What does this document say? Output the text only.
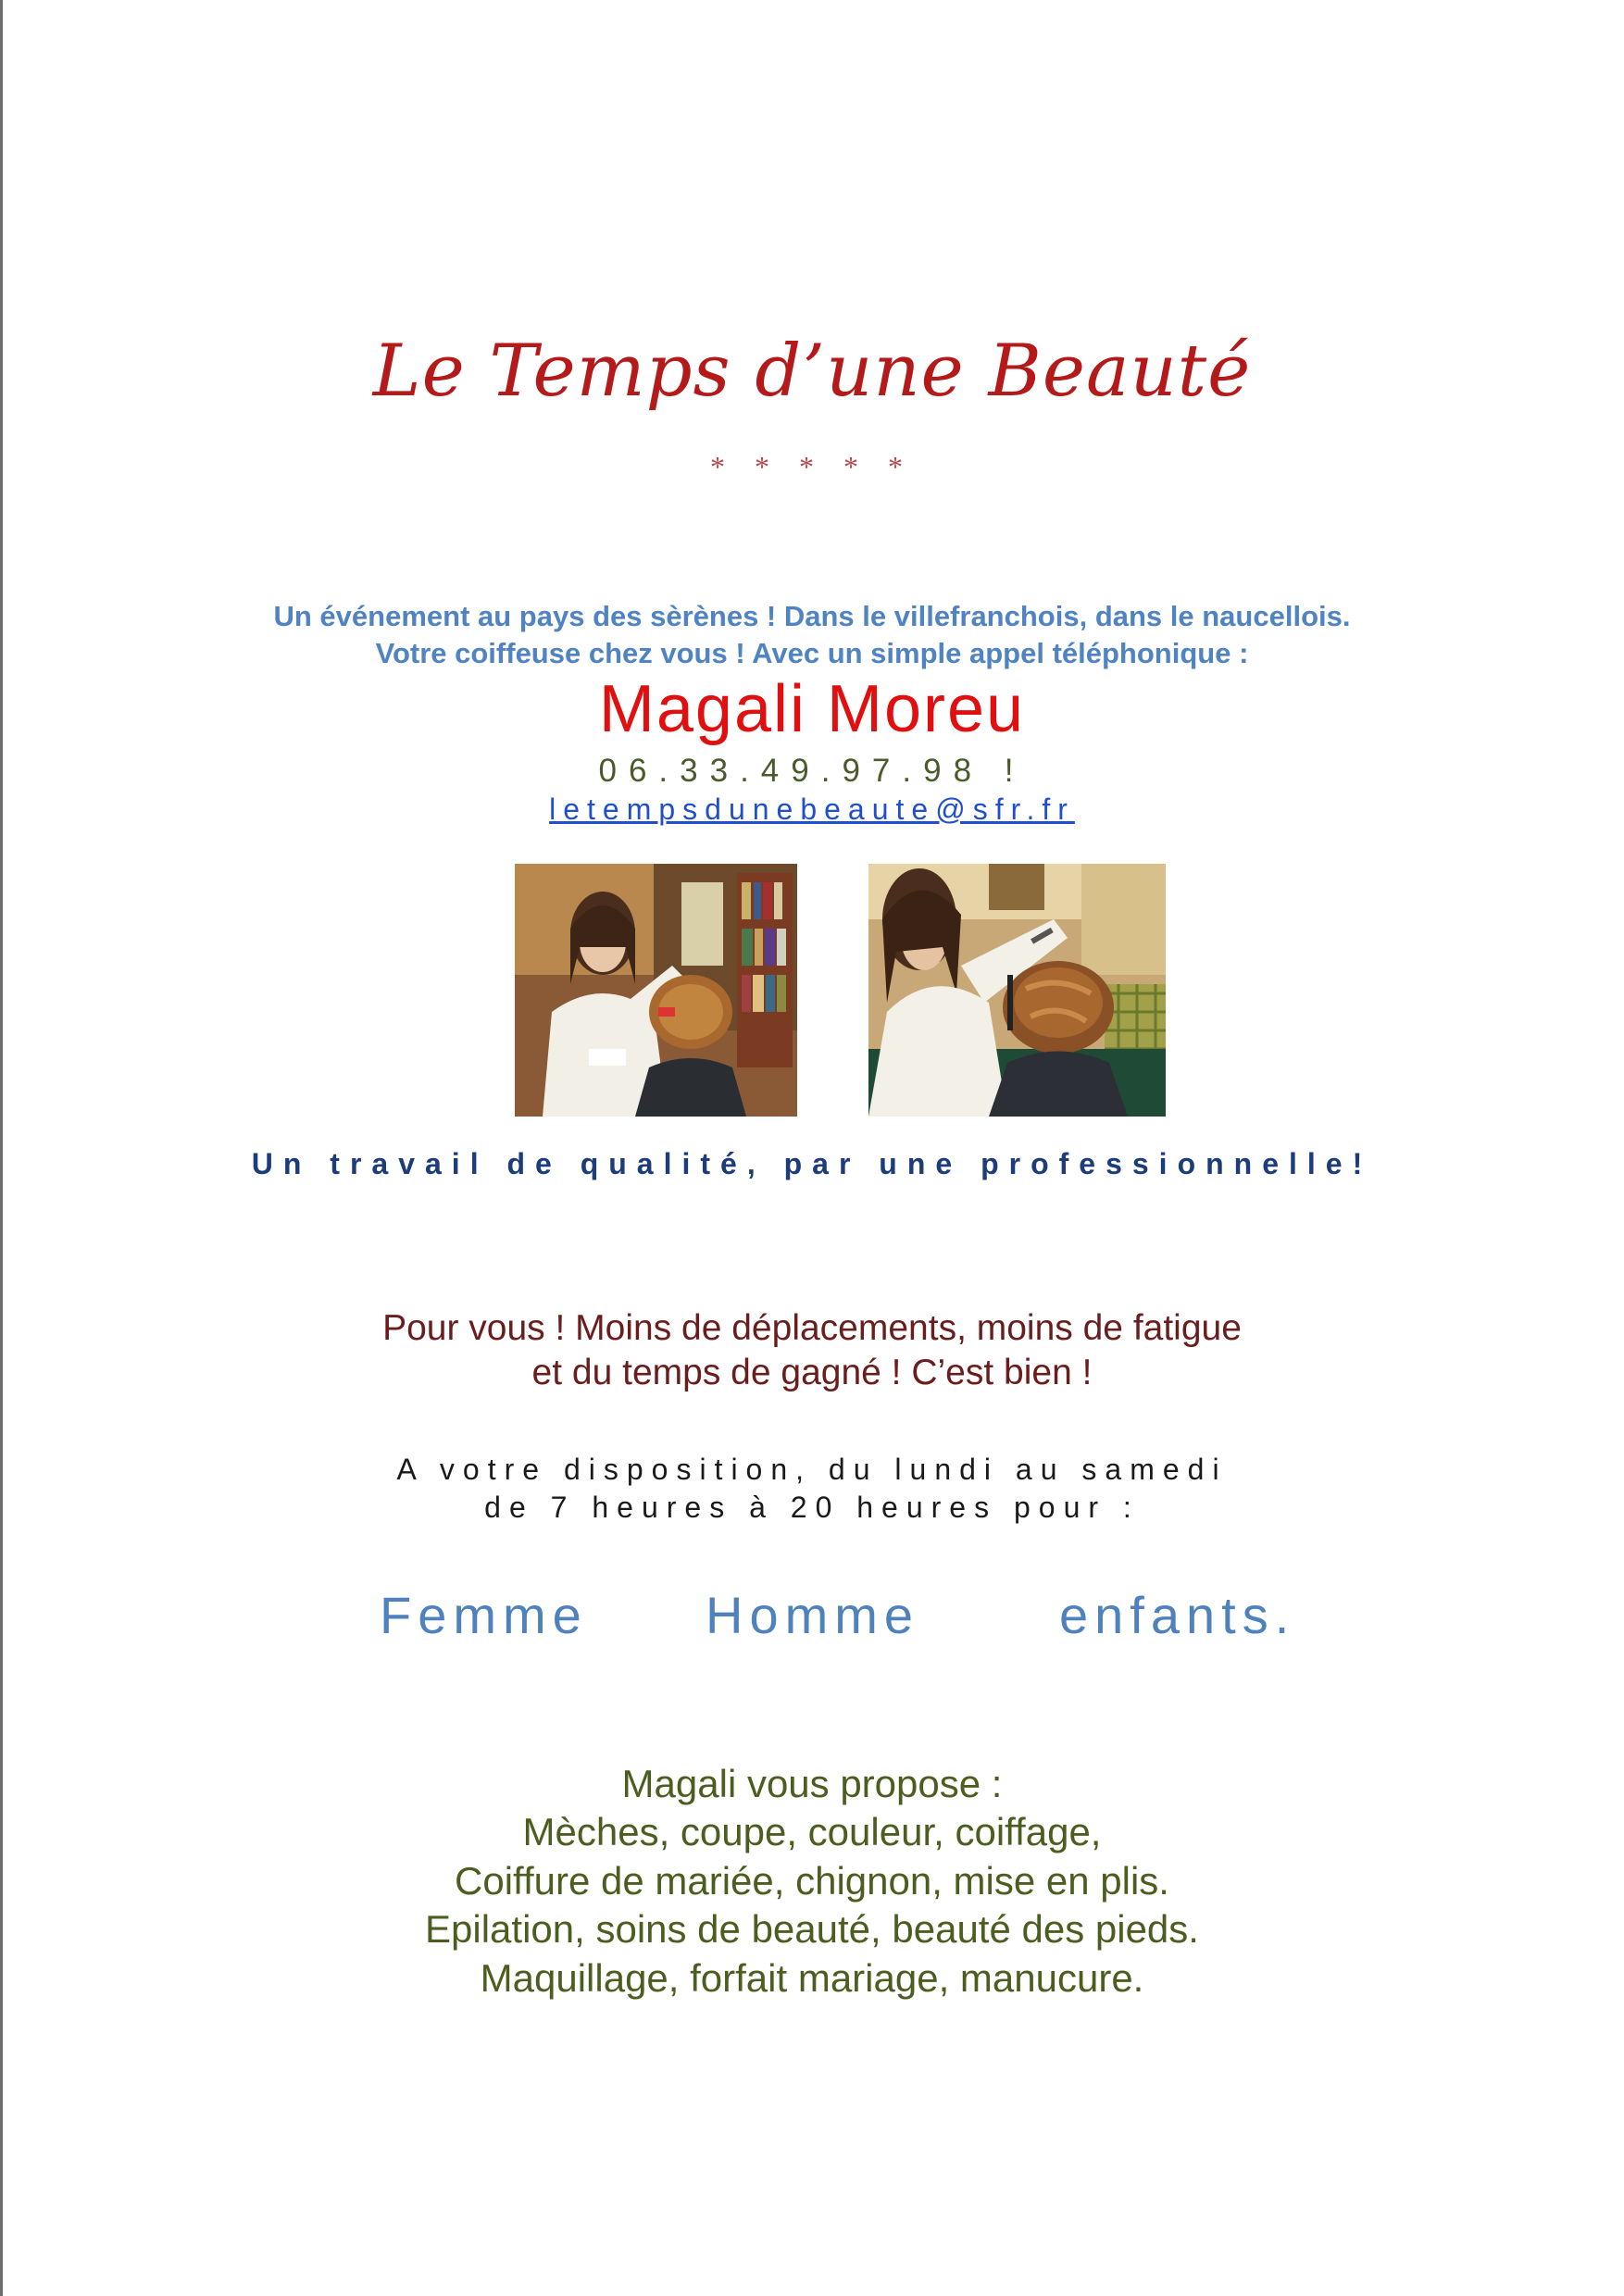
Le Temps d’une Beauté
* * * * *
Un événement au pays des sèrènes ! Dans le villefranchois, dans le naucellois.
Votre coiffeuse chez vous ! Avec un simple appel téléphonique :
Magali Moreu
06.33.49.97.98 !
letempsdunebeaute@sfr.fr
Un travail de qualité, par une professionnelle!
Pour vous ! Moins de déplacements, moins de fatigue
et du temps de gagné ! C’est bien !
A votre disposition, du lundi au samedi
de 7 heures à 20 heures pour :
Femme Homme	enfants.
Magali vous propose :
Mèches, coupe, couleur, coiffage,
Coiffure de mariée, chignon, mise en plis.
Epilation, soins de beauté, beauté des pieds.
Maquillage, forfait mariage, manucure.
